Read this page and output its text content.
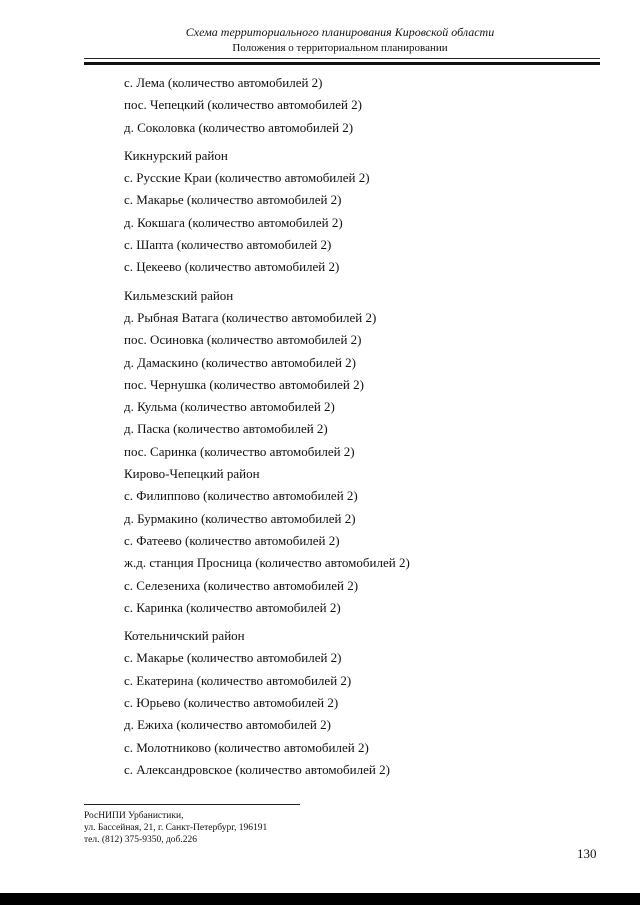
Схема территориального планирования Кировской области
Положения о территориальном планировании
с. Лема (количество автомобилей 2)
пос. Чепецкий (количество автомобилей 2)
д. Соколовка (количество автомобилей 2)
Кикнурский район
с. Русские Краи (количество автомобилей 2)
с. Макарье (количество автомобилей 2)
д. Кокшага (количество автомобилей 2)
с. Шапта (количество автомобилей 2)
с. Цекеево (количество автомобилей 2)
Кильмезский район
д. Рыбная Ватага (количество автомобилей 2)
пос. Осиновка (количество автомобилей 2)
д. Дамаскино (количество автомобилей 2)
пос. Чернушка (количество автомобилей 2)
д. Кульма (количество автомобилей 2)
д. Паска (количество автомобилей 2)
пос. Саринка (количество автомобилей 2)
Кирово-Чепецкий район
с. Филиппово (количество автомобилей 2)
д. Бурмакино (количество автомобилей 2)
с. Фатеево (количество автомобилей 2)
ж.д. станция Просница (количество автомобилей 2)
с. Селезениха (количество автомобилей 2)
с. Каринка (количество автомобилей 2)
Котельничский район
с. Макарье (количество автомобилей 2)
с. Екатерина (количество автомобилей 2)
с. Юрьево (количество автомобилей 2)
д. Ежиха (количество автомобилей 2)
с. Молотниково (количество автомобилей 2)
с. Александровское (количество автомобилей 2)
РосНИПИ Урбанистики,
ул. Бассейная, 21, г. Санкт-Петербург, 196191
тел. (812) 375-9350, доб.226
130
